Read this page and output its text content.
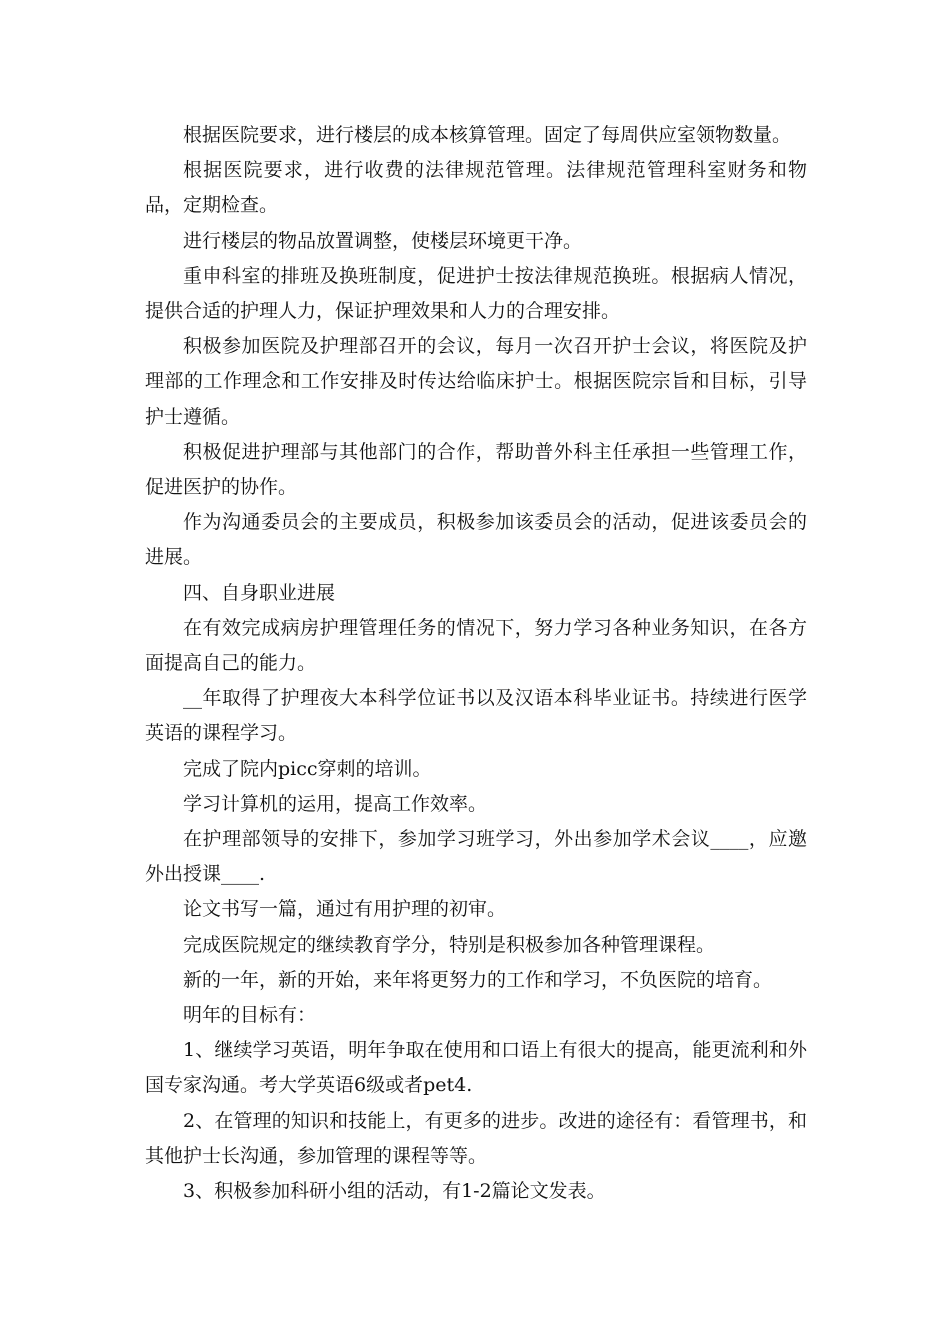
根据医院要求，进行楼层的成本核算管理。固定了每周供应室领物数量。

根据医院要求，进行收费的法律规范管理。法律规范管理科室财务和物品，定期检查。

进行楼层的物品放置调整，使楼层环境更干净。

重申科室的排班及换班制度，促进护士按法律规范换班。根据病人情况，提供合适的护理人力，保证护理效果和人力的合理安排。

积极参加医院及护理部召开的会议，每月一次召开护士会议，将医院及护理部的工作理念和工作安排及时传达给临床护士。根据医院宗旨和目标，引导护士遵循。

积极促进护理部与其他部门的合作，帮助普外科主任承担一些管理工作，促进医护的协作。

作为沟通委员会的主要成员，积极参加该委员会的活动，促进该委员会的进展。

四、自身职业进展

在有效完成病房护理管理任务的情况下，努力学习各种业务知识，在各方面提高自己的能力。

__年取得了护理夜大本科学位证书以及汉语本科毕业证书。持续进行医学英语的课程学习。

完成了院内picc穿刺的培训。

学习计算机的运用，提高工作效率。

在护理部领导的安排下，参加学习班学习，外出参加学术会议____，应邀外出授课____.

论文书写一篇，通过有用护理的初审。

完成医院规定的继续教育学分，特别是积极参加各种管理课程。

新的一年，新的开始，来年将更努力的工作和学习，不负医院的培育。

明年的目标有：

1、继续学习英语，明年争取在使用和口语上有很大的提高，能更流利和外国专家沟通。考大学英语6级或者pet4.

2、在管理的知识和技能上，有更多的进步。改进的途径有：看管理书，和其他护士长沟通，参加管理的课程等等。

3、积极参加科研小组的活动，有1-2篇论文发表。
